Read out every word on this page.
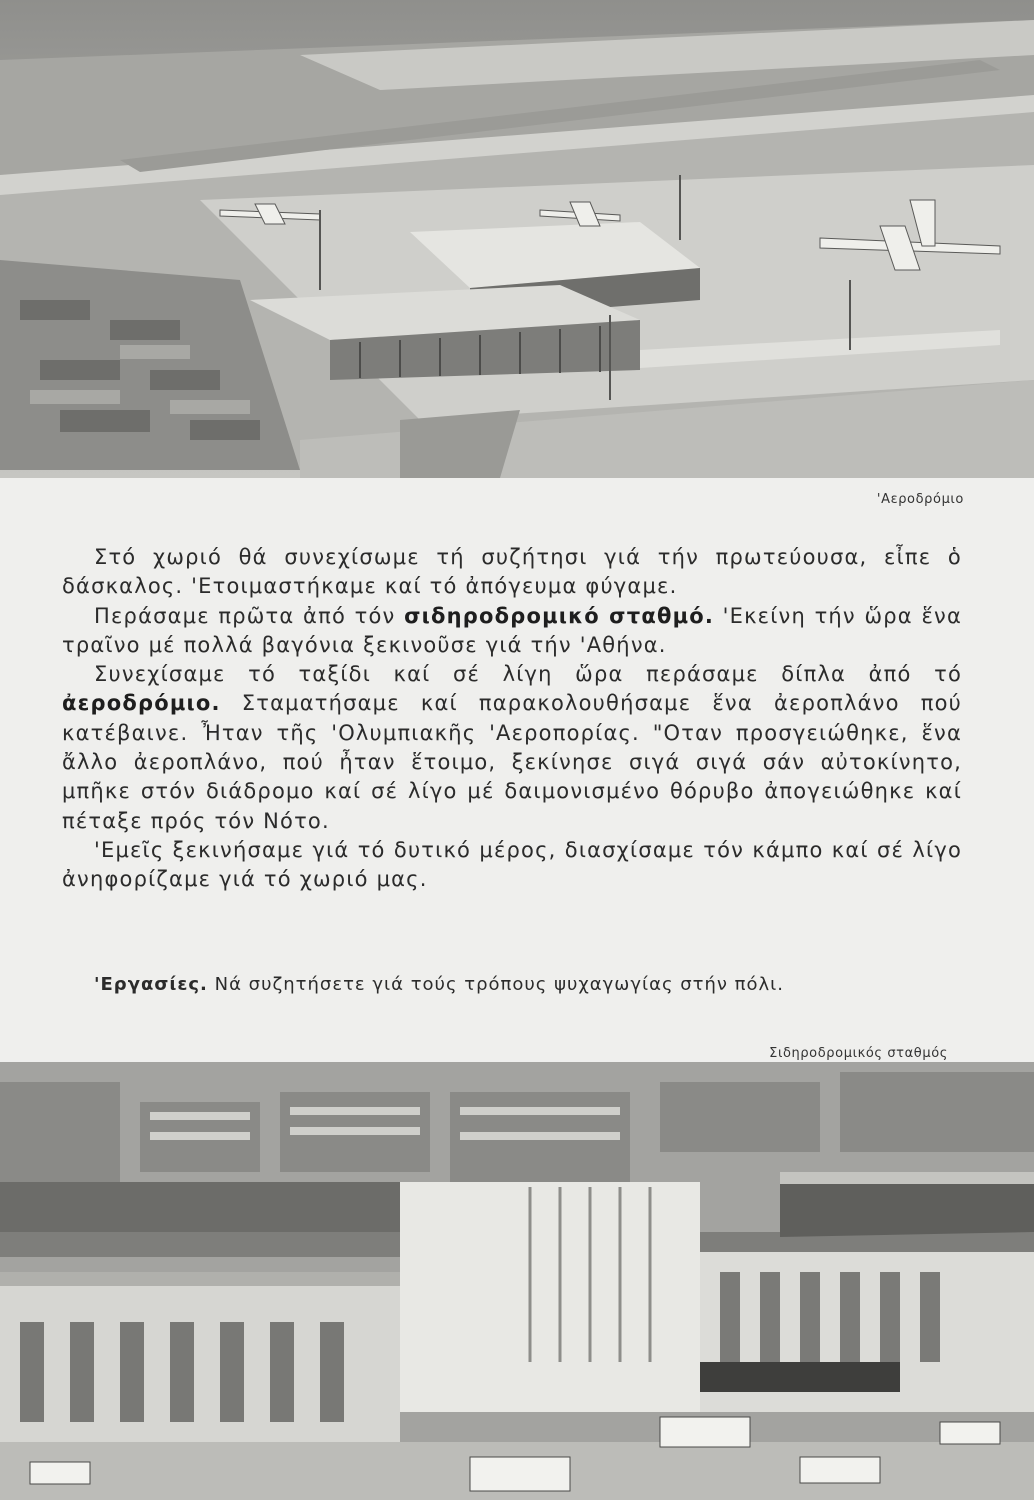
'Αεροδρόμιο

Στό χωριό θά συνεχίσωμε τή συζήτησι γιά τήν πρωτεύουσα, εἶπε ὁ δάσκαλος. 'Ετοιμαστήκαμε καί τό ἀπόγευμα φύγαμε.

Περάσαμε πρῶτα ἀπό τόν σιδηροδρομικό σταθμό. 'Εκείνη τήν ὥρα ἕνα τραῖνο μέ πολλά βαγόνια ξεκινοῦσε γιά τήν 'Αθήνα.

Συνεχίσαμε τό ταξίδι καί σέ λίγη ὥρα περάσαμε δίπλα ἀπό τό ἀεροδρόμιο. Σταματήσαμε καί παρακολουθήσαμε ἕνα ἀεροπλάνο πού κατέβαινε. Ἦταν τῆς 'Ολυμπιακῆς 'Αεροπορίας. "Οταν προσγειώθηκε, ἕνα ἄλλο ἀεροπλάνο, πού ἦταν ἕτοιμο, ξεκίνησε σιγά σιγά σάν αὐτοκίνητο, μπῆκε στόν διάδρομο καί σέ λίγο μέ δαιμονισμένο θόρυβο ἀπογειώθηκε καί πέταξε πρός τόν Νότο.

'Εμεῖς ξεκινήσαμε γιά τό δυτικό μέρος, διασχίσαμε τόν κάμπο καί σέ λίγο ἀνηφορίζαμε γιά τό χωριό μας.

'Εργασίες. Νά συζητήσετε γιά τούς τρόπους ψυχαγωγίας στήν πόλι.
Σιδηροδρομικός σταθμός
